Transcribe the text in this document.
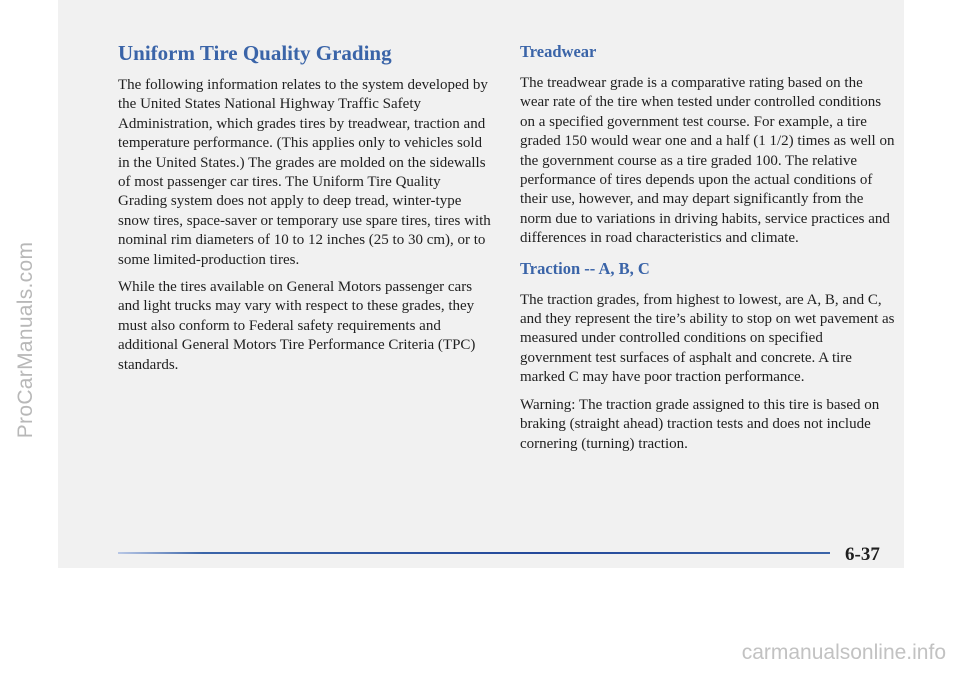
ProCarManuals.com
Uniform Tire Quality Grading

The following information relates to the system developed by the United States National Highway Traffic Safety Administration, which grades tires by treadwear, traction and temperature performance. (This applies only to vehicles sold in the United States.) The grades are molded on the sidewalls of most passenger car tires. The Uniform Tire Quality Grading system does not apply to deep tread, winter-type snow tires, space-saver or temporary use spare tires, tires with nominal rim diameters of 10 to 12 inches (25 to 30 cm), or to some limited-production tires.

While the tires available on General Motors passenger cars and light trucks may vary with respect to these grades, they must also conform to Federal safety requirements and additional General Motors Tire Performance Criteria (TPC) standards.

Treadwear

The treadwear grade is a comparative rating based on the wear rate of the tire when tested under controlled conditions on a specified government test course. For example, a tire graded 150 would wear one and a half (1 1/2) times as well on the government course as a tire graded 100. The relative performance of tires depends upon the actual conditions of their use, however, and may depart significantly from the norm due to variations in driving habits, service practices and differences in road characteristics and climate.

Traction -- A, B, C

The traction grades, from highest to lowest, are A, B, and C, and they represent the tire’s ability to stop on wet pavement as measured under controlled conditions on specified government test surfaces of asphalt and concrete. A tire marked C may have poor traction performance.

Warning: The traction grade assigned to this tire is based on braking (straight ahead) traction tests and does not include cornering (turning) traction.

6-37
carmanualsonline.info
